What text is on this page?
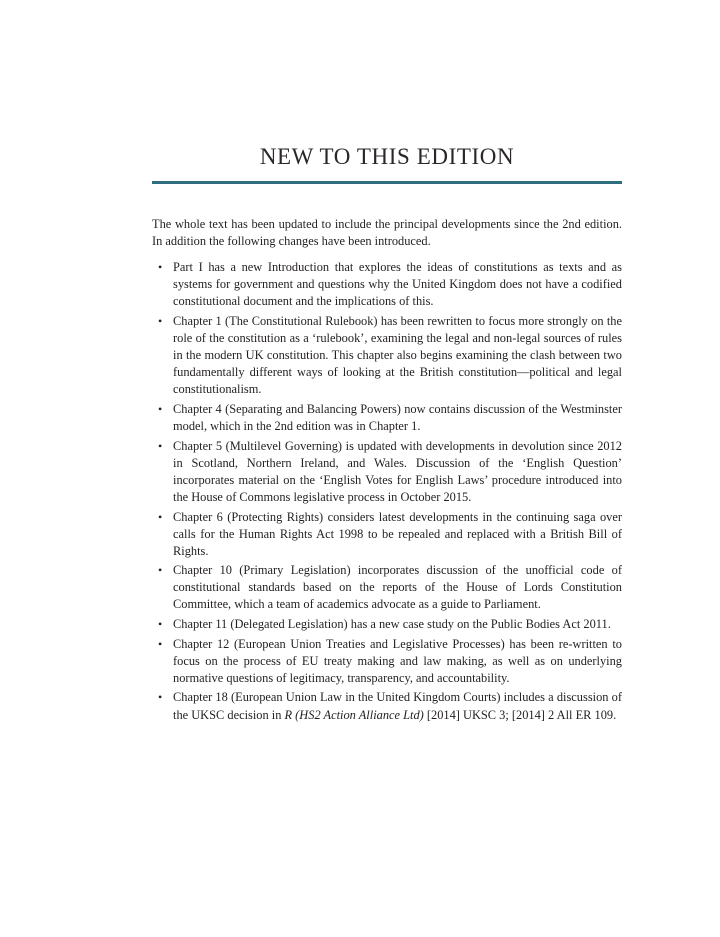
NEW TO THIS EDITION

The whole text has been updated to include the principal developments since the 2nd edition. In addition the following changes have been introduced.

• Part I has a new Introduction that explores the ideas of constitutions as texts and as systems for government and questions why the United Kingdom does not have a codified constitutional document and the implications of this.
• Chapter 1 (The Constitutional Rulebook) has been rewritten to focus more strongly on the role of the constitution as a ‘rulebook’, examining the legal and non-legal sources of rules in the modern UK constitution. This chapter also begins examining the clash between two fundamentally different ways of looking at the British constitution—political and legal constitutionalism.
• Chapter 4 (Separating and Balancing Powers) now contains discussion of the Westminster model, which in the 2nd edition was in Chapter 1.
• Chapter 5 (Multilevel Governing) is updated with developments in devolution since 2012 in Scotland, Northern Ireland, and Wales. Discussion of the ‘English Question’ incorporates material on the ‘English Votes for English Laws’ procedure introduced into the House of Commons legislative process in October 2015.
• Chapter 6 (Protecting Rights) considers latest developments in the continuing saga over calls for the Human Rights Act 1998 to be repealed and replaced with a British Bill of Rights.
• Chapter 10 (Primary Legislation) incorporates discussion of the unofficial code of constitutional standards based on the reports of the House of Lords Constitution Committee, which a team of academics advocate as a guide to Parliament.
• Chapter 11 (Delegated Legislation) has a new case study on the Public Bodies Act 2011.
• Chapter 12 (European Union Treaties and Legislative Processes) has been re-written to focus on the process of EU treaty making and law making, as well as on underlying normative questions of legitimacy, transparency, and accountability.
• Chapter 18 (European Union Law in the United Kingdom Courts) includes a discussion of the UKSC decision in R (HS2 Action Alliance Ltd) [2014] UKSC 3; [2014] 2 All ER 109.
